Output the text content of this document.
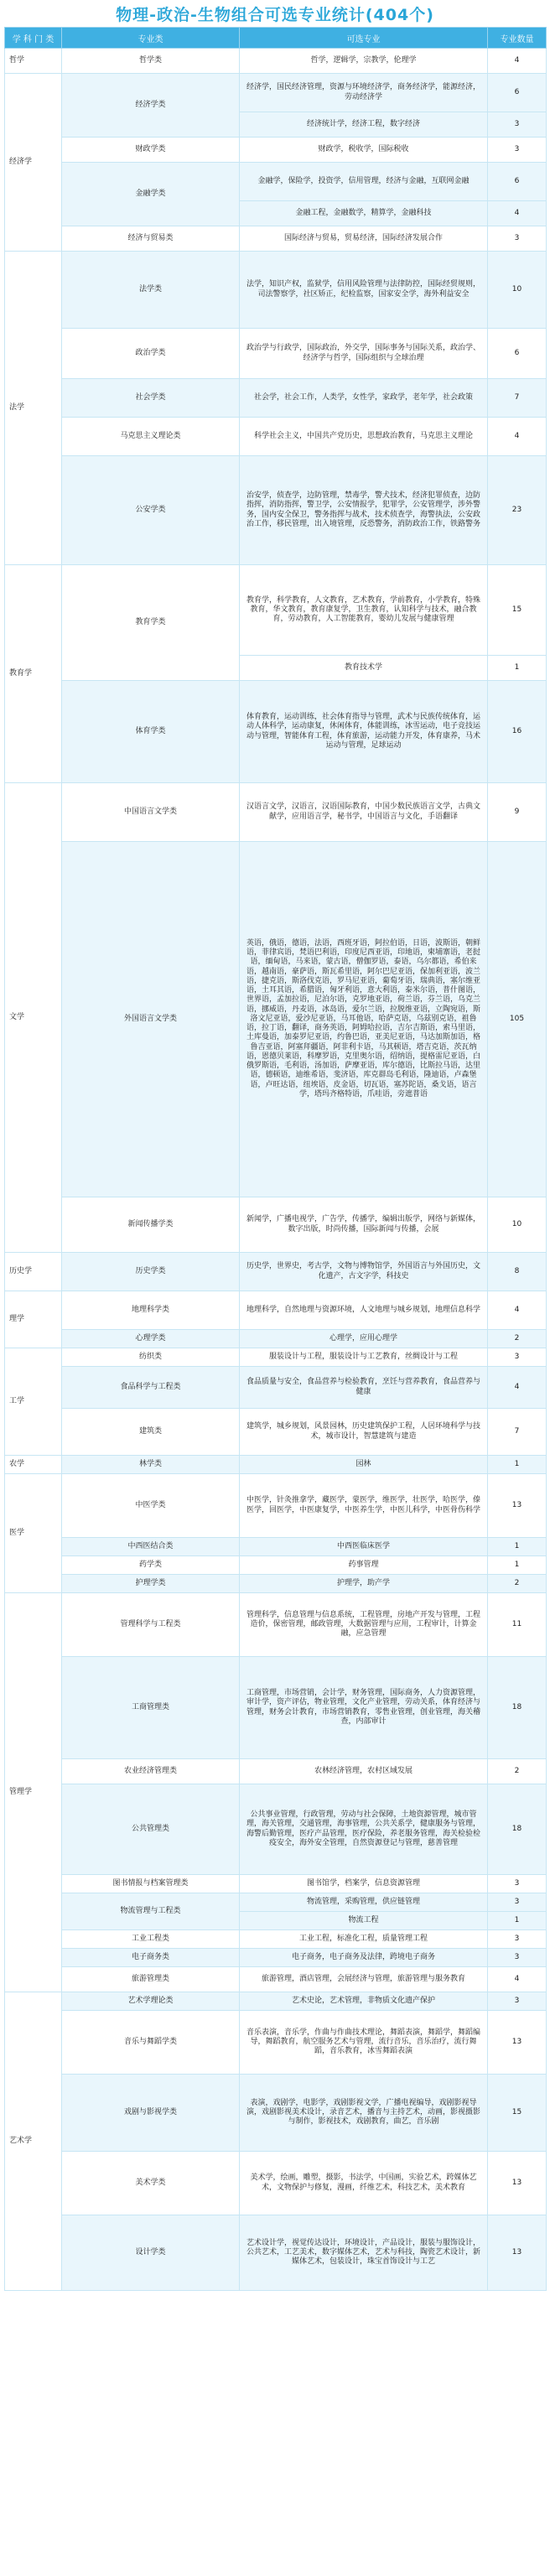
物理-政治-生物组合可选专业统计(404个)
学 科 门 类	专业类	可选专业	专业数量
哲学	哲学类	哲学，逻辑学，宗教学，伦理学	4
经济学	经济学类	经济学，国民经济管理，资源与环境经济学，商务经济学，能源经济，劳动经济学	6
		经济统计学，经济工程，数字经济	3
	财政学类	财政学，税收学，国际税收	3
	金融学类	金融学，保险学，投资学，信用管理，经济与金融，互联网金融	6
		金融工程，金融数学，精算学，金融科技	4
	经济与贸易类	国际经济与贸易，贸易经济，国际经济发展合作	3
法学	法学类	法学，知识产权，监狱学，信用风险管理与法律防控，国际经贸规则，司法警察学，社区矫正，纪检监察，国家安全学，海外利益安全	10
	政治学类	政治学与行政学，国际政治，外交学，国际事务与国际关系，政治学、经济学与哲学，国际组织与全球治理	6
	社会学类	社会学，社会工作，人类学，女性学，家政学，老年学，社会政策	7
	马克思主义理论类	科学社会主义，中国共产党历史，思想政治教育，马克思主义理论	4
	公安学类	治安学，侦查学，边防管理，禁毒学，警犬技术，经济犯罪侦查，边防指挥，消防指挥，警卫学，公安情报学，犯罪学，公安管理学，涉外警务，国内安全保卫，警务指挥与战术，技术侦查学，海警执法，公安政治工作，移民管理，出入境管理，反恐警务，消防政治工作，铁路警务	23
教育学	教育学类	教育学，科学教育，人文教育，艺术教育，学前教育，小学教育，特殊教育，华文教育，教育康复学，卫生教育，认知科学与技术，融合教育，劳动教育，人工智能教育，婴幼儿发展与健康管理	15
		教育技术学	1
	体育学类	体育教育，运动训练，社会体育指导与管理，武术与民族传统体育，运动人体科学，运动康复，休闲体育，体能训练，冰雪运动，电子竞技运动与管理，智能体育工程，体育旅游，运动能力开发，体育康养，马术运动与管理，足球运动	16
文学	中国语言文学类	汉语言文学，汉语言，汉语国际教育，中国少数民族语言文学，古典文献学，应用语言学，秘书学，中国语言与文化，手语翻译	9
	外国语言文学类	英语，俄语，德语，法语，西班牙语，阿拉伯语，日语，波斯语，朝鲜语，菲律宾语，梵语巴利语，印度尼西亚语，印地语，柬埔寨语，老挝语，缅甸语，马来语，蒙古语，僧伽罗语，泰语，乌尔都语，希伯来语，越南语，豪萨语，斯瓦希里语，阿尔巴尼亚语，保加利亚语，波兰语，捷克语，斯洛伐克语，罗马尼亚语，葡萄牙语，瑞典语，塞尔维亚语，土耳其语，希腊语，匈牙利语，意大利语，泰米尔语，普什图语，世界语，孟加拉语，尼泊尔语，克罗地亚语，荷兰语，芬兰语，乌克兰语，挪威语，丹麦语，冰岛语，爱尔兰语，拉脱维亚语，立陶宛语，斯洛文尼亚语，爱沙尼亚语，马耳他语，哈萨克语，乌兹别克语，祖鲁语，拉丁语，翻译，商务英语，阿姆哈拉语，吉尔吉斯语，索马里语，土库曼语，加泰罗尼亚语，约鲁巴语，亚美尼亚语，马达加斯加语，格鲁吉亚语，阿塞拜疆语，阿非利卡语，马其顿语，塔吉克语，茨瓦纳语，恩德贝莱语，科摩罗语，克里奥尔语，绍纳语，提格雷尼亚语，白俄罗斯语，毛利语，汤加语，萨摩亚语，库尔德语，比斯拉马语，达里语，德顿语，迪维希语，斐济语，库克群岛毛利语，隆迪语，卢森堡语，卢旺达语，纽埃语，皮金语，切瓦语，塞苏陀语，桑戈语，语言学，塔玛齐格特语，爪哇语，旁遮普语	105
	新闻传播学类	新闻学，广播电视学，广告学，传播学，编辑出版学，网络与新媒体，数字出版，时尚传播，国际新闻与传播，会展	10
历史学	历史学类	历史学，世界史，考古学，文物与博物馆学，外国语言与外国历史，文化遗产，古文字学，科技史	8
理学	地理科学类	地理科学，自然地理与资源环境，人文地理与城乡规划，地理信息科学	4
	心理学类	心理学，应用心理学	2
工学	纺织类	服装设计与工程，服装设计与工艺教育，丝绸设计与工程	3
	食品科学与工程类	食品质量与安全，食品营养与检验教育，烹饪与营养教育，食品营养与健康	4
	建筑类	建筑学，城乡规划，风景园林，历史建筑保护工程，人居环境科学与技术，城市设计，智慧建筑与建造	7
农学	林学类	园林	1
医学	中医学类	中医学，针灸推拿学，藏医学，蒙医学，维医学，壮医学，哈医学，傣医学，回医学，中医康复学，中医养生学，中医儿科学，中医骨伤科学	13
	中西医结合类	中西医临床医学	1
	药学类	药事管理	1
	护理学类	护理学，助产学	2
管理学	管理科学与工程类	管理科学，信息管理与信息系统，工程管理，房地产开发与管理，工程造价，保密管理，邮政管理，大数据管理与应用，工程审计，计算金融，应急管理	11
	工商管理类	工商管理，市场营销，会计学，财务管理，国际商务，人力资源管理，审计学，资产评估，物业管理，文化产业管理，劳动关系，体育经济与管理，财务会计教育，市场营销教育，零售业管理，创业管理，海关稽查，内部审计	18
	农业经济管理类	农林经济管理，农村区域发展	2
	公共管理类	公共事业管理，行政管理，劳动与社会保障，土地资源管理，城市管理，海关管理，交通管理，海事管理，公共关系学，健康服务与管理，海警后勤管理，医疗产品管理，医疗保险，养老服务管理，海关检验检疫安全，海外安全管理，自然资源登记与管理，慈善管理	18
	图书情报与档案管理类	图书馆学，档案学，信息资源管理	3
	物流管理与工程类	物流管理，采购管理，供应链管理	3
		物流工程	1
	工业工程类	工业工程，标准化工程，质量管理工程	3
	电子商务类	电子商务，电子商务及法律，跨境电子商务	3
	旅游管理类	旅游管理，酒店管理，会展经济与管理，旅游管理与服务教育	4
艺术学	艺术学理论类	艺术史论，艺术管理，非物质文化遗产保护	3
	音乐与舞蹈学类	音乐表演，音乐学，作曲与作曲技术理论，舞蹈表演，舞蹈学，舞蹈编导，舞蹈教育，航空服务艺术与管理，流行音乐，音乐治疗，流行舞蹈，音乐教育，冰雪舞蹈表演	13
	戏剧与影视学类	表演，戏剧学，电影学，戏剧影视文学，广播电视编导，戏剧影视导演，戏剧影视美术设计，录音艺术，播音与主持艺术，动画，影视摄影与制作，影视技术，戏剧教育，曲艺，音乐剧	15
	美术学类	美术学，绘画，雕塑，摄影，书法学，中国画，实验艺术，跨媒体艺术，文物保护与修复，漫画，纤维艺术，科技艺术，美术教育	13
	设计学类	艺术设计学，视觉传达设计，环境设计，产品设计，服装与服饰设计，公共艺术，工艺美术，数字媒体艺术，艺术与科技，陶瓷艺术设计，新媒体艺术，包装设计，珠宝首饰设计与工艺	13
